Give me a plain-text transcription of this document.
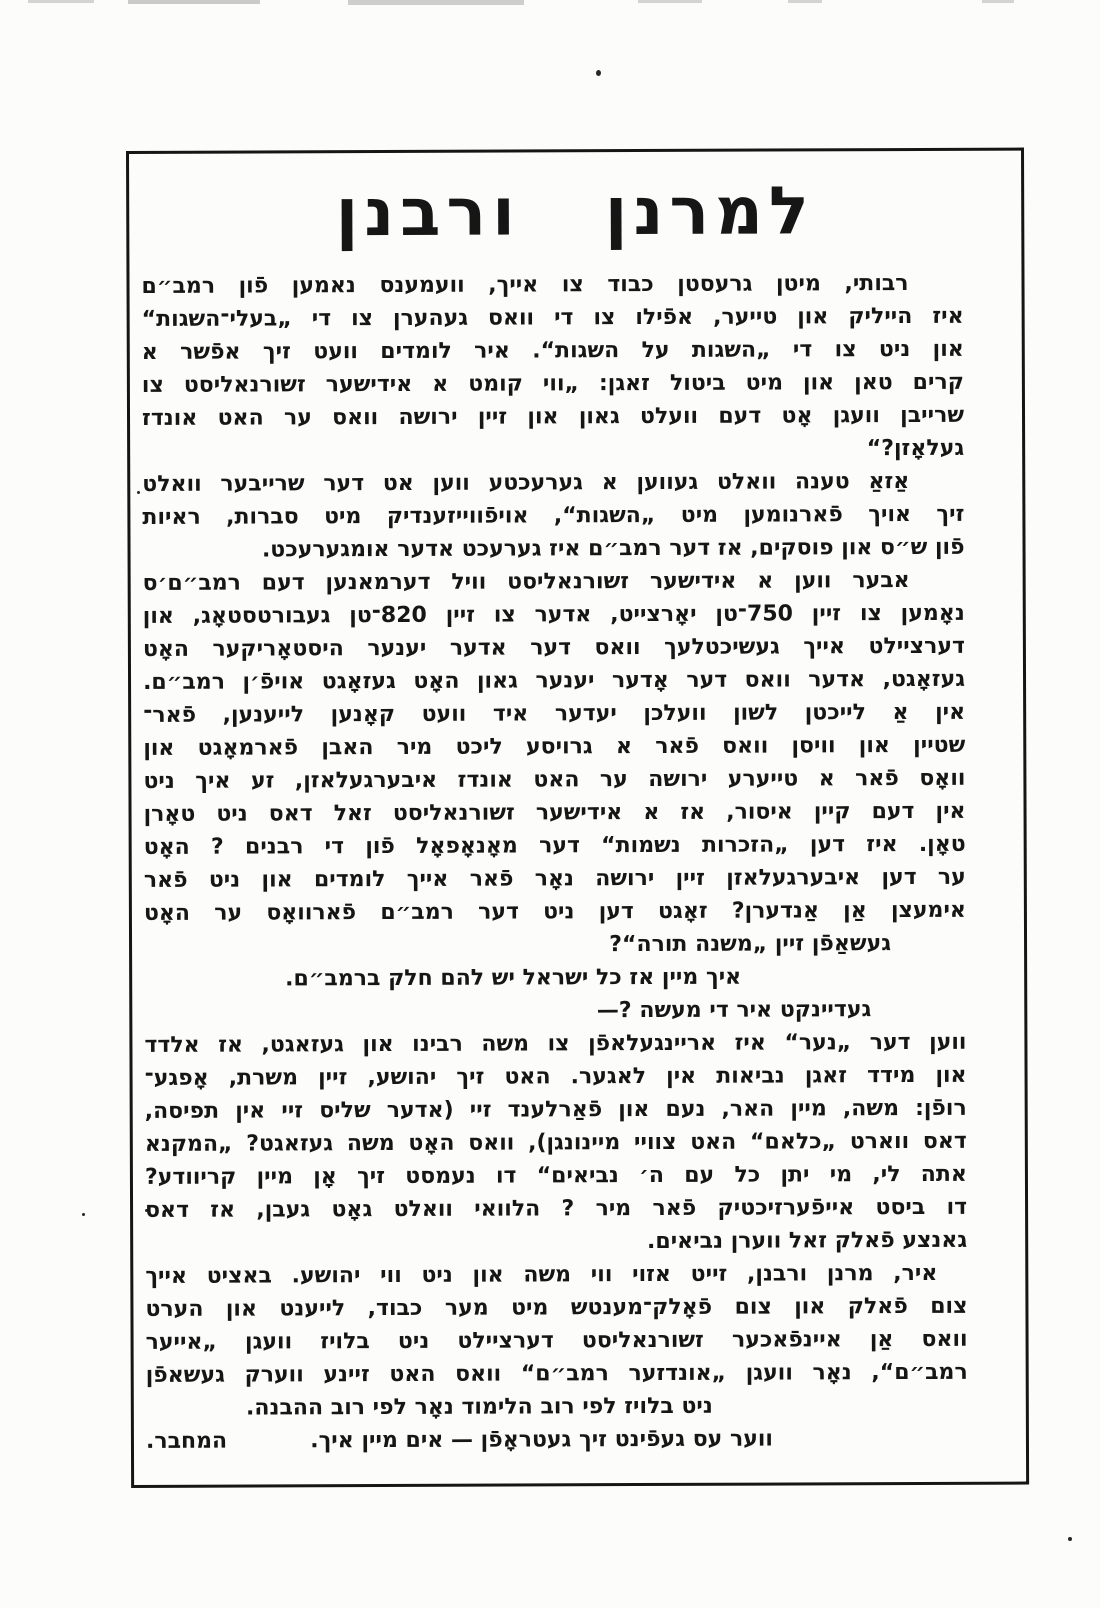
למרנן ורבנן
רבותי, מיטן גרעסטן כבוד צו אייך, וועמענס נאמען פֿון רמב״ם
איז הייליק און טייער, אפֿילו צו די וואס געהערן צו די „בעלי־השגות“
און ניט צו די „השגות על השגות“. איר לומדים וועט זיך אפֿשר א
קרים טאן און מיט ביטול זאגן: „ווי קומט א אידישער זשורנאליסט צו
שרייבן וועגן אָט דעם וועלט גאון און זיין ירושה וואס ער האט אונדז
געלאָזן?“
אַזאַ טענה וואלט געווען א גערעכטע ווען אט דער שרייבער וואלט
זיך אויך פֿארנומען מיט „השגות“, אויפֿווייזענדיק מיט סברות, ראיות
פֿון ש״ס און פוסקים, אז דער רמב״ם איז גערעכט אדער אומגערעכט.
אבער ווען א אידישער זשורנאליסט וויל דערמאנען דעם רמב״ם׳ס
נאָמען צו זיין 750־טן יאָרצייט, אדער צו זיין 820־טן געבורטסטאָג, און
דערציילט אייך געשיכטלעך וואס דער אדער יענער היסטאָריקער האָט
געזאָגט, אדער וואס דער אָדער יענער גאון האָט געזאָגט אויפֿ׳ן רמב״ם.
אין אַ לייכטן לשון וועלכן יעדער איד וועט קאָנען לייענען, פֿאר־
שטיין און וויסן וואס פֿאר א גרויסע ליכט מיר האבן פֿארמאָגט און
וואָס פֿאר א טייערע ירושה ער האט אונדז איבערגעלאזן, זע איך ניט
אין דעם קיין איסור, אז א אידישער זשורנאליסט זאל דאס ניט טאָרן
טאָן. איז דען „הזכרות נשמות“ דער מאָנאָפאָל פֿון די רבנים ? האָט
ער דען איבערגעלאזן זיין ירושה נאָר פֿאר אייך לומדים און ניט פֿאר
אימעצן אַן אַנדערן? זאָגט דען ניט דער רמב״ם פֿארוואָס ער האָט
געשאַפֿן זיין „משנה תורה“?
איך מיין אז כל ישראל יש להם חלק ברמב״ם.
געדיינקט איר די מעשה ?—
ווען דער „נער“ איז אריינגעלאפֿן צו משה רבינו און געזאגט, אז אלדד
און מידד זאגן נביאות אין לאגער. האט זיך יהושע, זיין משרת, אָפגע־
רופֿן: משה, מיין האר, נעם און פֿאַרלענד זיי (אדער שליס זיי אין תפיסה,
דאס ווארט „כלאם“ האט צוויי מיינונגן), וואס האָט משה געזאגט? „המקנא
אתה לי, מי יתן כל עם ה׳ נביאים“ דו נעמסט זיך אָן מיין קריוודע?
דו ביסט אייפֿערזיכטיק פֿאר מיר ? הלוואי וואלט גאָט געבן, אז דאס
גאנצע פֿאלק זאל ווערן נביאים.
איר, מרנן ורבנן, זייט אזוי ווי משה און ניט ווי יהושע. באציט אייך
צום פֿאלק און צום פֿאָלק־מענטש מיט מער כבוד, לייענט און הערט
וואס אַן איינפֿאכער זשורנאליסט דערציילט ניט בלויז וועגן „אייער
רמב״ם“, נאָר וועגן „אונדזער רמב״ם“ וואס האט זיינע ווערק געשאפֿן
ניט בלויז לפי רוב הלימוד נאָר לפי רוב ההבנה.
ווער עס געפֿינט זיך געטראָפֿן — אים מיין איך.
המחבר.
